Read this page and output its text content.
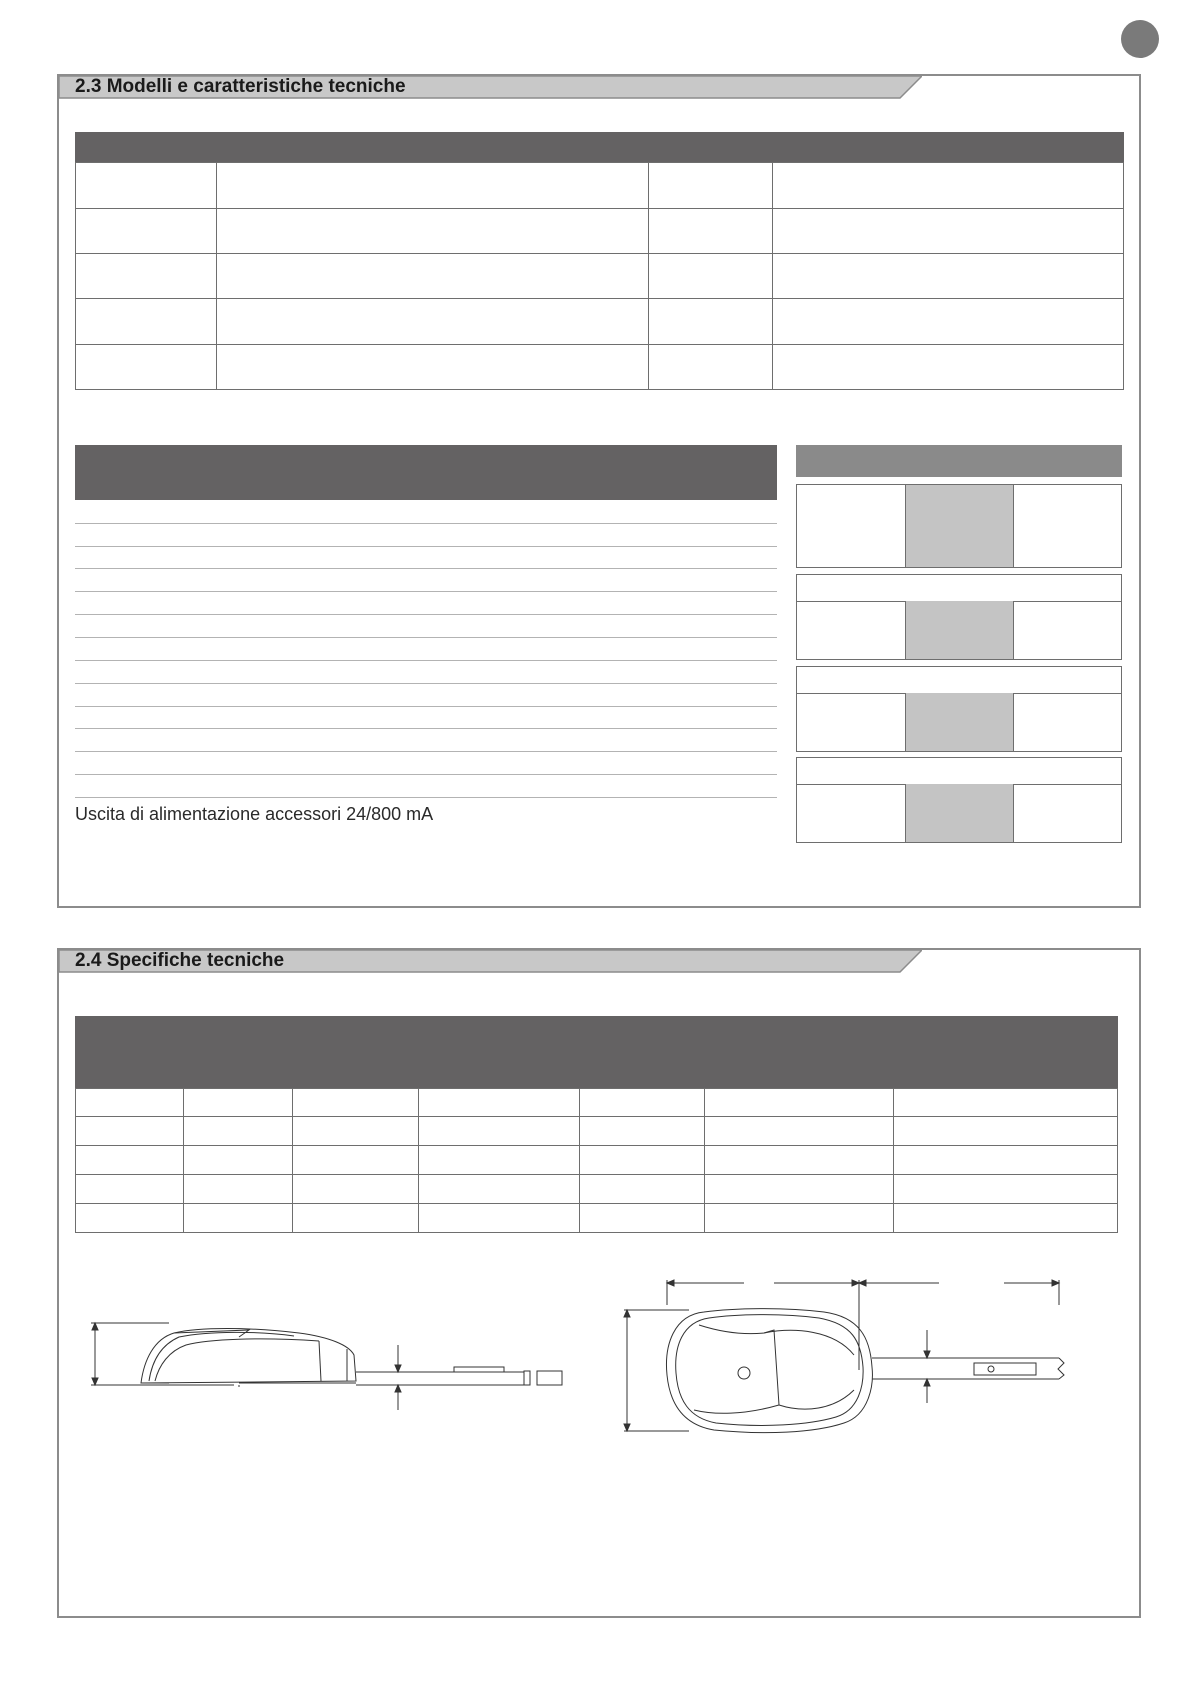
2.3 Modelli e caratteristiche tecniche

Uscita di alimentazione accessori 24/800 mA
2.4 Specifiche tecniche
